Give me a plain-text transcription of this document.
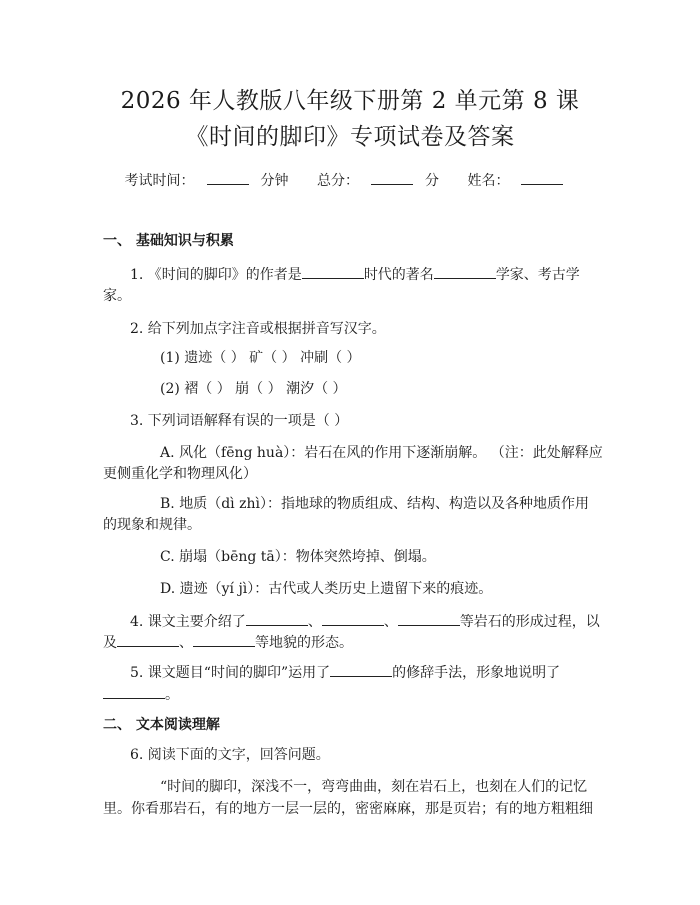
2026 年人教版八年级下册第 2 单元第 8 课
《时间的脚印》专项试卷及答案
考试时间：	分钟 总分：	分 姓名：
一、 基础知识与积累
1. 《时间的脚印》的作者是	时代的著名	学家、考古学
家。
2. 给下列加点字注音或根据拼音写汉字。
(1) 遗迹（ ） 矿（ ） 冲刷（ ）
(2) 褶（ ） 崩（ ） 潮汐（ ）
3. 下列词语解释有误的一项是（ ）
A. 风化（fēng huà）：岩石在风的作用下逐渐崩解。 （注：此处解释应
更侧重化学和物理风化）
B. 地质（dì zhì）：指地球的物质组成、结构、构造以及各种地质作用
的现象和规律。
C. 崩塌（bēng tā）：物体突然垮掉、倒塌。
D. 遗迹（yí jì）：古代或人类历史上遗留下来的痕迹。
4. 课文主要介绍了	、	、	等岩石的形成过程，以
及	、	等地貌的形态。
5. 课文题目“时间的脚印”运用了	的修辞手法，形象地说明了
。
二、 文本阅读理解
6. 阅读下面的文字，回答问题。
“时间的脚印，深浅不一，弯弯曲曲，刻在岩石上，也刻在人们的记忆
里。你看那岩石，有的地方一层一层的，密密麻麻，那是页岩；有的地方粗粗细
